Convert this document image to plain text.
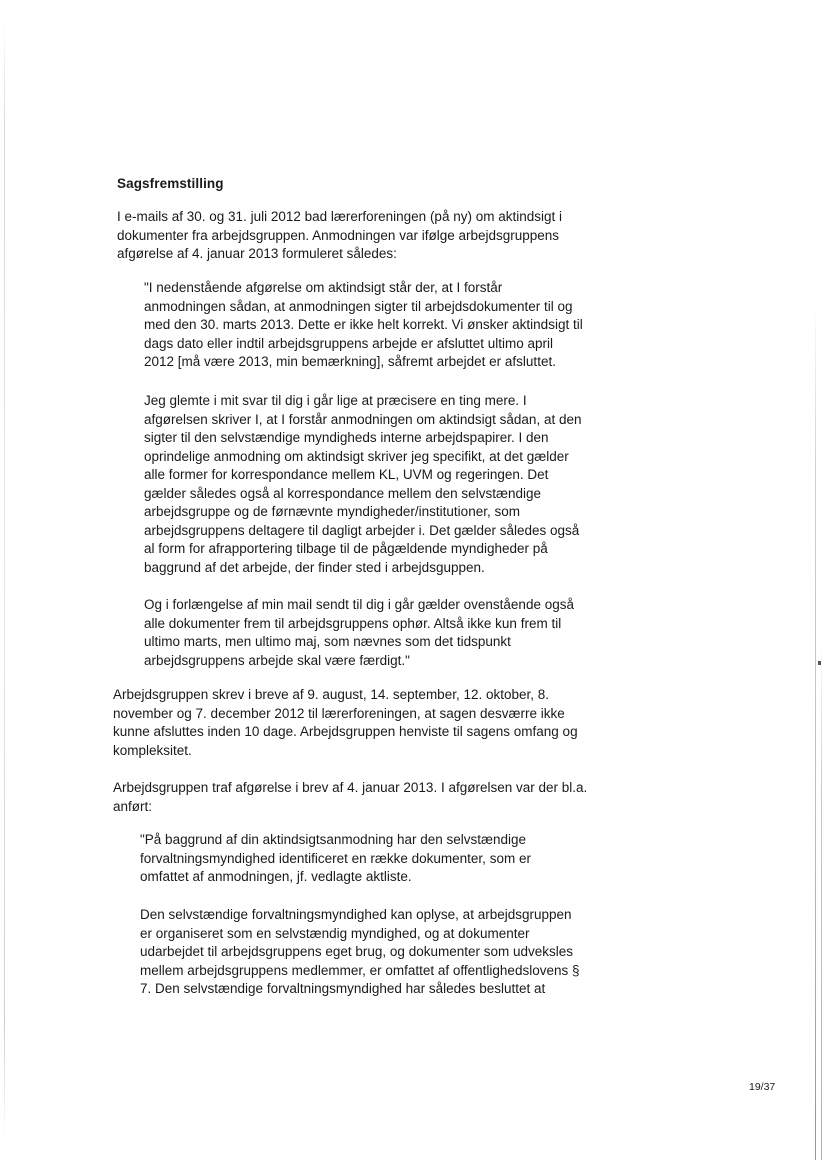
Sagsfremstilling

I e-mails af 30. og 31. juli 2012 bad lærerforeningen (på ny) om aktindsigt i dokumenter fra arbejdsgruppen. Anmodningen var ifølge arbejdsgruppens afgørelse af 4. januar 2013 formuleret således:

"I nedenstående afgørelse om aktindsigt står der, at I forstår anmodningen sådan, at anmodningen sigter til arbejdsdokumenter til og med den 30. marts 2013. Dette er ikke helt korrekt. Vi ønsker aktindsigt til dags dato eller indtil arbejdsgruppens arbejde er afsluttet ultimo april 2012 [må være 2013, min bemærkning], såfremt arbejdet er afsluttet.

Jeg glemte i mit svar til dig i går lige at præcisere en ting mere. I afgørelsen skriver I, at I forstår anmodningen om aktindsigt sådan, at den sigter til den selvstændige myndigheds interne arbejdspapirer. I den oprindelige anmodning om aktindsigt skriver jeg specifikt, at det gælder alle former for korrespondance mellem KL, UVM og regeringen. Det gælder således også al korrespondance mellem den selvstændige arbejdsgruppe og de førnævnte myndigheder/institutioner, som arbejdsgruppens deltagere til dagligt arbejder i. Det gælder således også al form for afrapportering tilbage til de pågældende myndigheder på baggrund af det arbejde, der finder sted i arbejdsguppen.

Og i forlængelse af min mail sendt til dig i går gælder ovenstående også alle dokumenter frem til arbejdsgruppens ophør. Altså ikke kun frem til ultimo marts, men ultimo maj, som nævnes som det tidspunkt arbejdsgruppens arbejde skal være færdigt."

Arbejdsgruppen skrev i breve af 9. august, 14. september, 12. oktober, 8. november og 7. december 2012 til lærerforeningen, at sagen desværre ikke kunne afsluttes inden 10 dage. Arbejdsgruppen henviste til sagens omfang og kompleksitet.

Arbejdsgruppen traf afgørelse i brev af 4. januar 2013. I afgørelsen var der bl.a. anført:

"På baggrund af din aktindsigtsanmodning har den selvstændige forvaltningsmyndighed identificeret en række dokumenter, som er omfattet af anmodningen, jf. vedlagte aktliste.

Den selvstændige forvaltningsmyndighed kan oplyse, at arbejdsgruppen er organiseret som en selvstændig myndighed, og at dokumenter udarbejdet til arbejdsgruppens eget brug, og dokumenter som udveksles mellem arbejdsgruppens medlemmer, er omfattet af offentlighedslovens § 7. Den selvstændige forvaltningsmyndighed har således besluttet at

19/37
